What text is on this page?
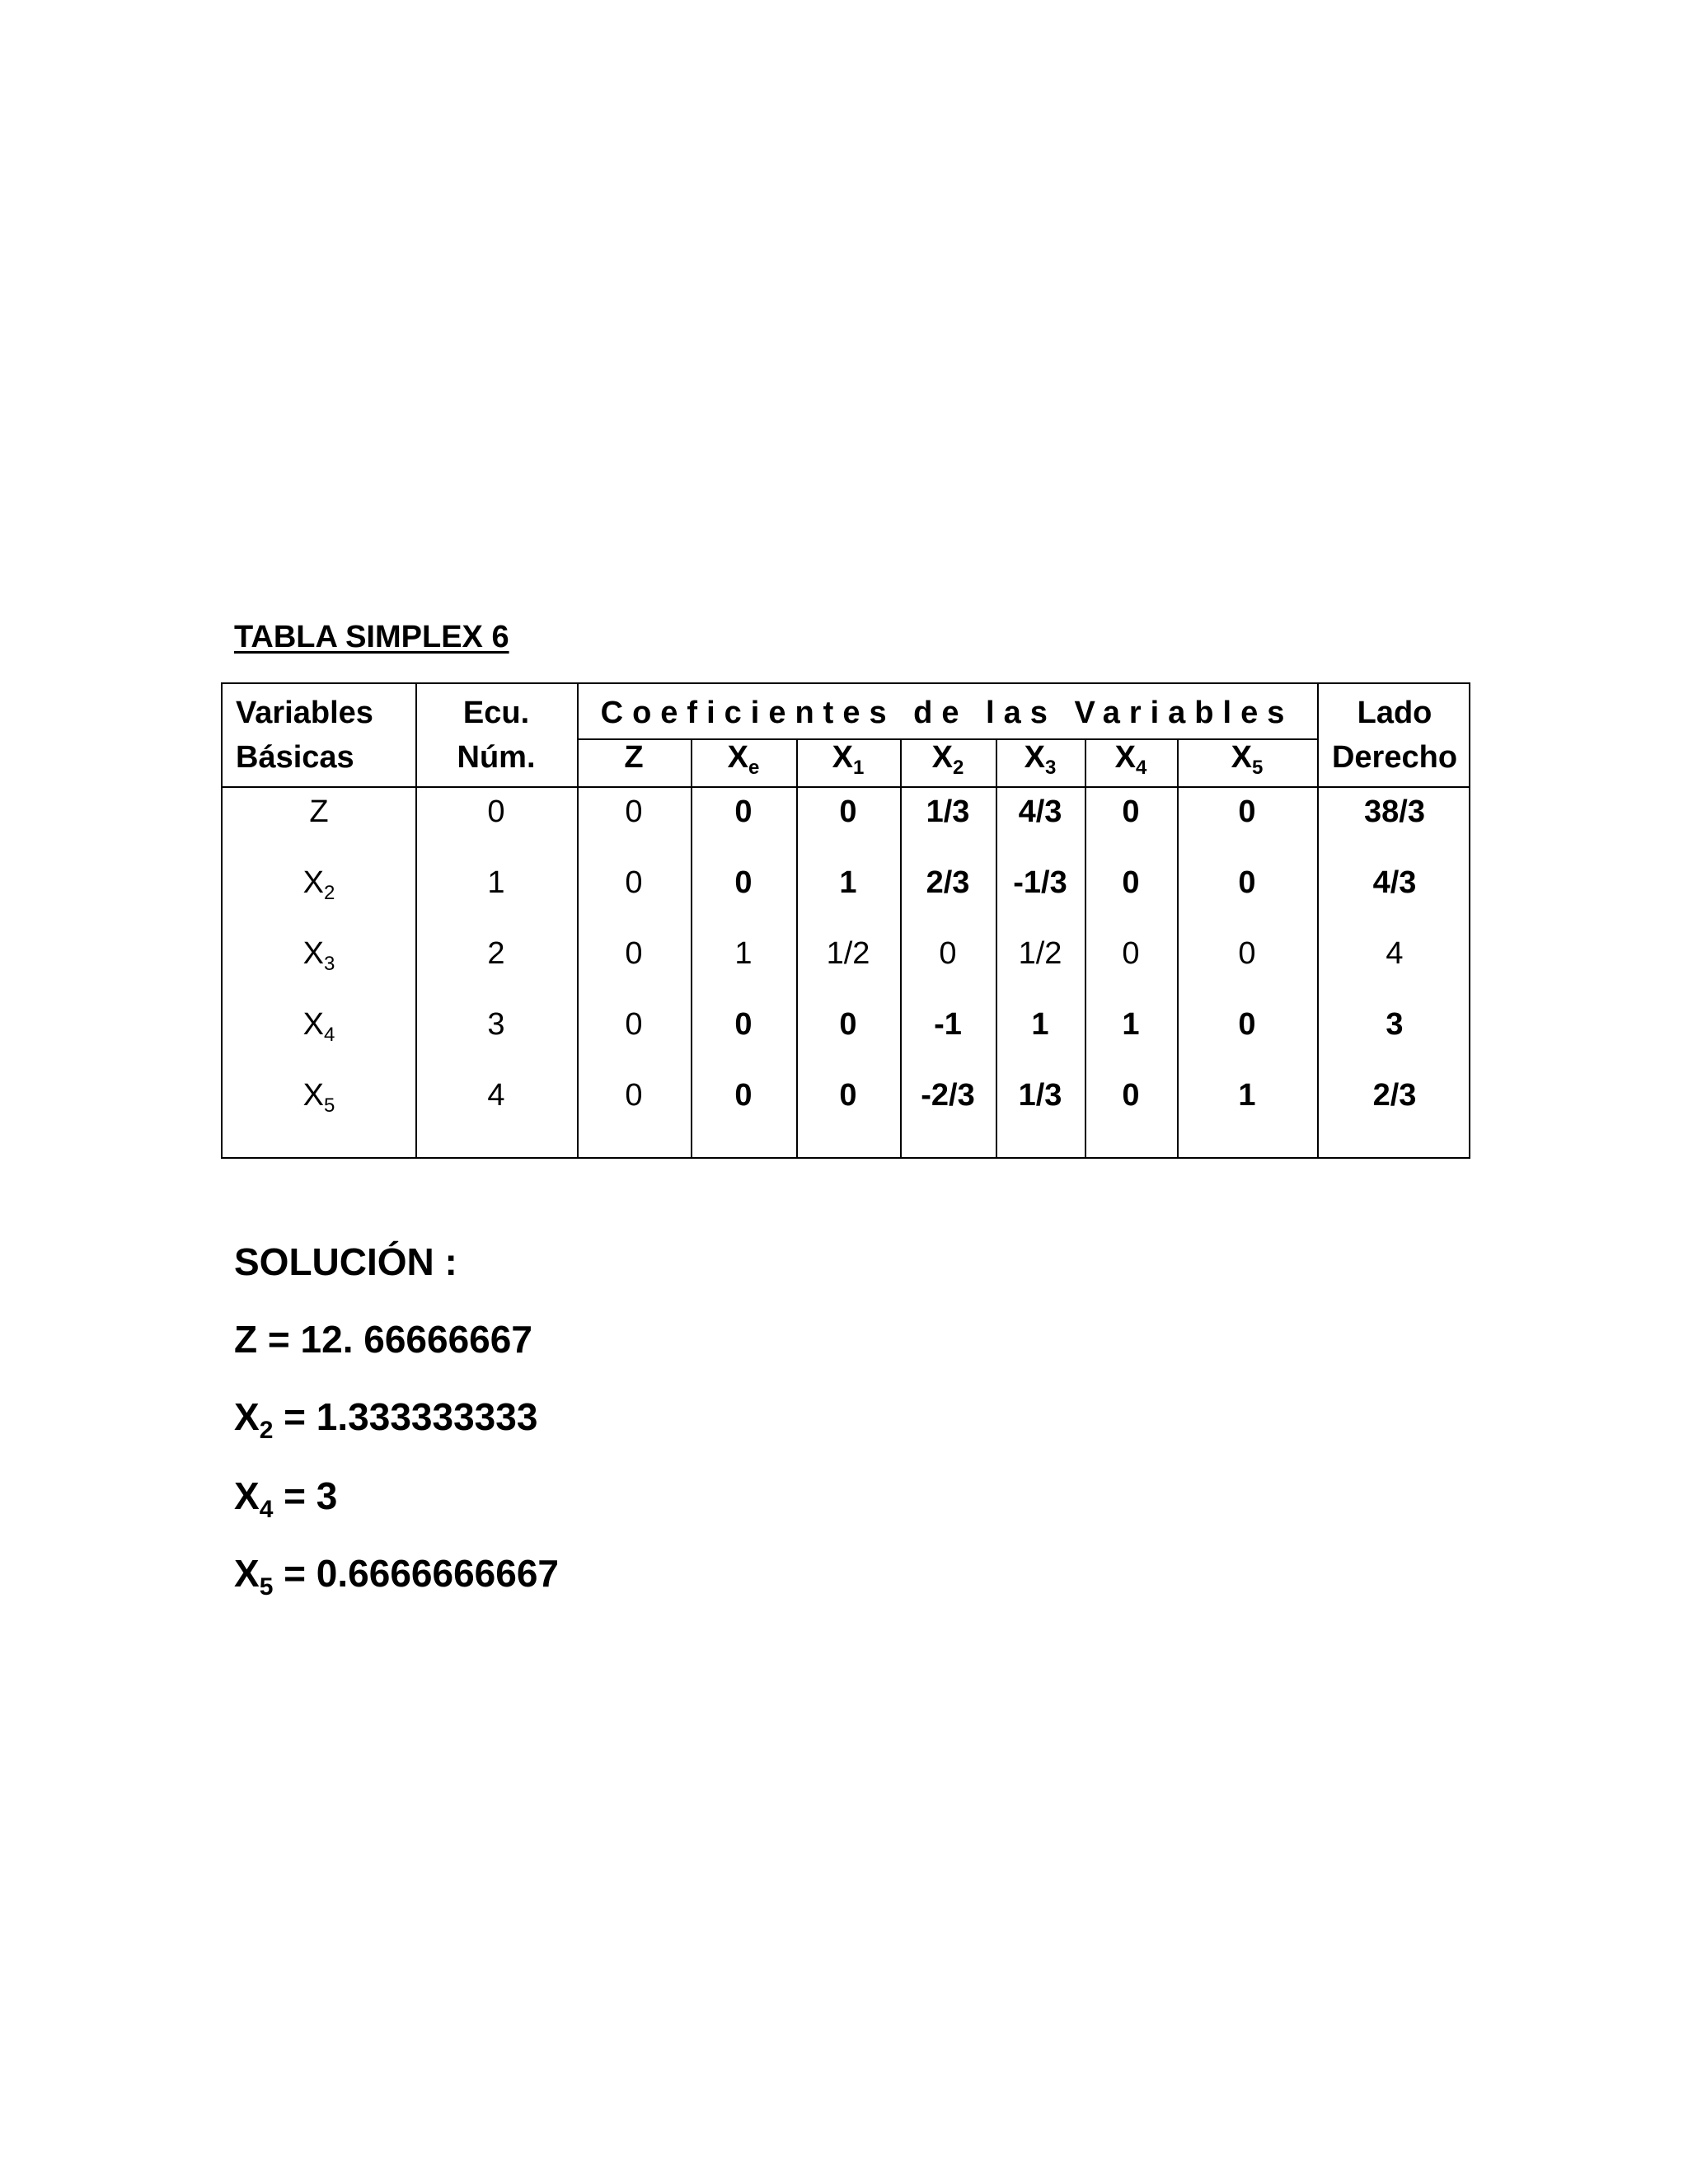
TABLA SIMPLEX 6
Variables
Básicas
Ecu.
Núm.
Coeficientes de las Variables	Lado
Derecho
Z	$X_e$	$X_1$	$X_2$	$X_3$	$X_4$	$X_5$
Z	0	0	0	0	1/3	4/3	0	0	38/3
$X_2$	1	0	0	1	2/3	-1/3	0	0	4/3
$X_3$	2	0	1	1/2	0	1/2	0	0	4
$X_4$	3	0	0	0	-1	1	1	0	3
$X_5$	4	0	0	0	-2/3	1/3	0	1	2/3
SOLUCIÓN :
Z = 12. 66666667
$X_2 = 1.333333333$
$X_4 = 3$
$X_5 = 0.6666666667$
